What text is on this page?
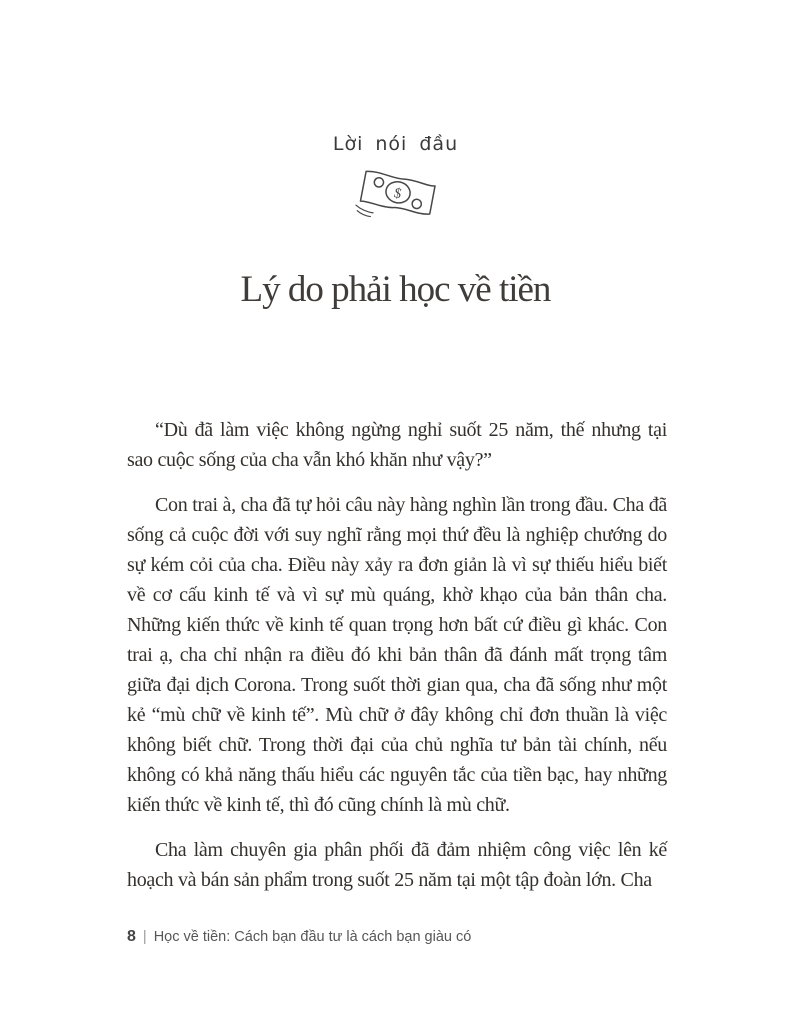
Lời nói đầu
$
Lý do phải học về tiền

“Dù đã làm việc không ngừng nghỉ suốt 25 năm, thế nhưng tại sao cuộc sống của cha vẫn khó khăn như vậy?”

Con trai à, cha đã tự hỏi câu này hàng nghìn lần trong đầu. Cha đã sống cả cuộc đời với suy nghĩ rằng mọi thứ đều là nghiệp chướng do sự kém cỏi của cha. Điều này xảy ra đơn giản là vì sự thiếu hiểu biết về cơ cấu kinh tế và vì sự mù quáng, khờ khạo của bản thân cha. Những kiến thức về kinh tế quan trọng hơn bất cứ điều gì khác. Con trai ạ, cha chỉ nhận ra điều đó khi bản thân đã đánh mất trọng tâm giữa đại dịch Corona. Trong suốt thời gian qua, cha đã sống như một kẻ “mù chữ về kinh tế”. Mù chữ ở đây không chỉ đơn thuần là việc không biết chữ. Trong thời đại của chủ nghĩa tư bản tài chính, nếu không có khả năng thấu hiểu các nguyên tắc của tiền bạc, hay những kiến thức về kinh tế, thì đó cũng chính là mù chữ.

Cha làm chuyên gia phân phối đã đảm nhiệm công việc lên kế hoạch và bán sản phẩm trong suốt 25 năm tại một tập đoàn lớn. Cha

8 | Học về tiền: Cách bạn đầu tư là cách bạn giàu có
